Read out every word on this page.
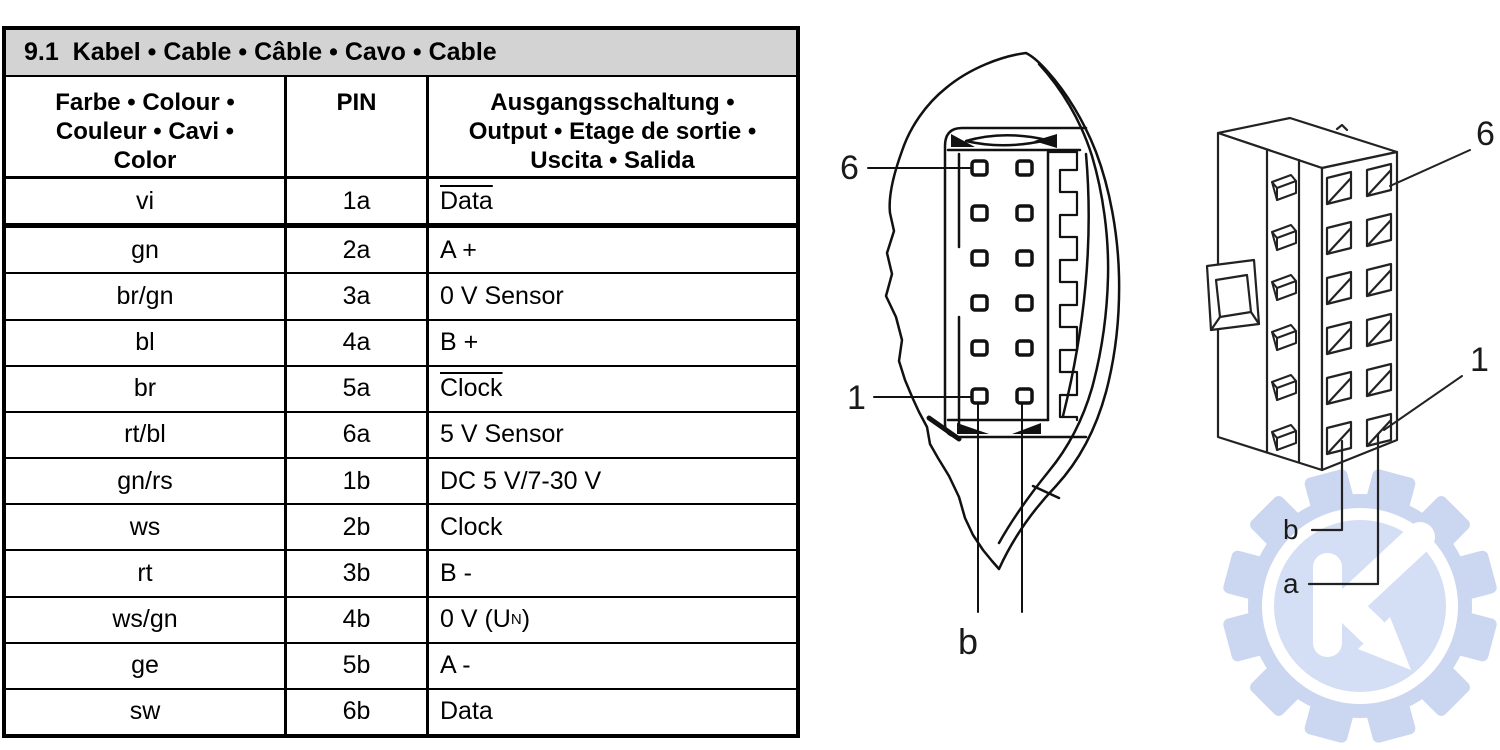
9.1  Kabel • Cable • Câble • Cavo • Cable
Farbe • Colour •
Couleur • Cavi •
Color
PIN	Ausgangsschaltung •
Output • Etage de sortie •
Uscita • Salida
vi	1a	Data
gn	2a	A +
br/gn	3a	0 V Sensor
bl	4a	B +
br	5a	Clock
rt/bl	6a	5 V Sensor
gn/rs	1b	DC 5 V/7-30 V
ws	2b	Clock
rt	3b	B -
ws/gn	4b	0 V (U N )
ge	5b	A -
sw	6b	Data
6
1
b
6
1
b
a
